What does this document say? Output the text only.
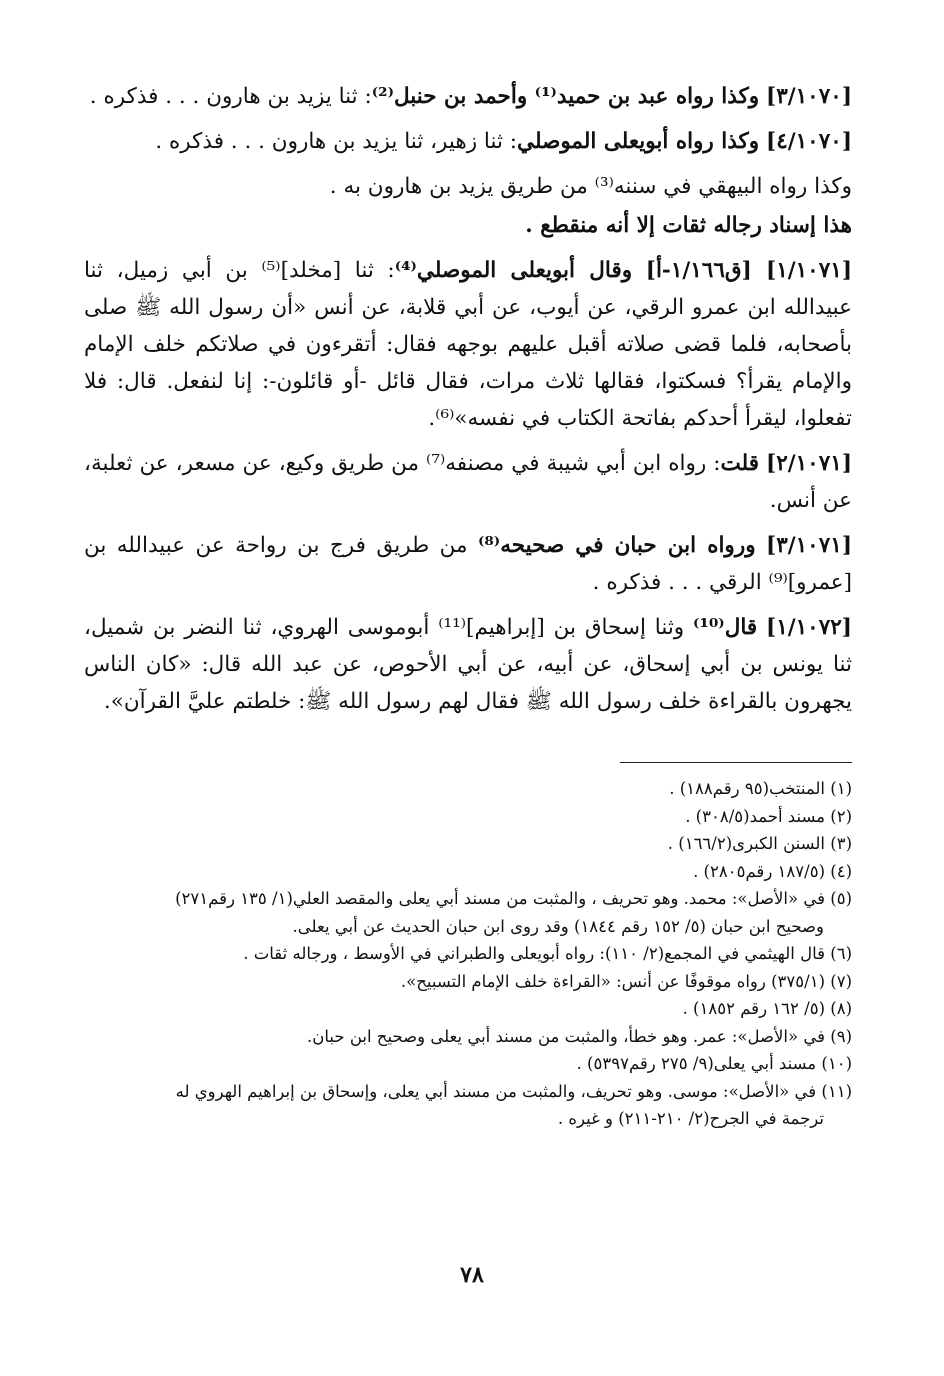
[٣/١٠٧٠] وكذا رواه عبد بن حميد⁽¹⁾ وأحمد بن حنبل⁽²⁾: ثنا يزيد بن هارون . . . فذكره .

[٤/١٠٧٠] وكذا رواه أبويعلى الموصلي: ثنا زهير، ثنا يزيد بن هارون . . . فذكره .

وكذا رواه البيهقي في سننه⁽³⁾ من طريق يزيد بن هارون به .

هذا إسناد رجاله ثقات إلا أنه منقطع .

[١/١٠٧١] [ق١/١٦٦-أ] وقال أبويعلى الموصلي⁽⁴⁾: ثنا [مخلد]⁽⁵⁾ بن أبي زميل، ثنا عبيدالله ابن عمرو الرقي، عن أيوب، عن أبي قلابة، عن أنس «أن رسول الله ﷺ صلى بأصحابه، فلما قضى صلاته أقبل عليهم بوجهه فقال: أتقرءون في صلاتكم خلف الإمام والإمام يقرأ؟ فسكتوا، فقالها ثلاث مرات، فقال قائل -أو قائلون-: إنا لنفعل. قال: فلا تفعلوا، ليقرأ أحدكم بفاتحة الكتاب في نفسه»⁽⁶⁾.

[٢/١٠٧١] قلت: رواه ابن أبي شيبة في مصنفه⁽⁷⁾ من طريق وكيع، عن مسعر، عن ثعلبة، عن أنس.

[٣/١٠٧١] ورواه ابن حبان في صحيحه⁽⁸⁾ من طريق فرج بن رواحة عن عبيدالله بن [عمرو]⁽⁹⁾ الرقي . . . فذكره .

[١/١٠٧٢] قال⁽¹⁰⁾ وثنا إسحاق بن [إبراهيم]⁽¹¹⁾ أبوموسى الهروي، ثنا النضر بن شميل، ثنا يونس بن أبي إسحاق، عن أبيه، عن أبي الأحوص، عن عبد الله قال: «كان الناس يجهرون بالقراءة خلف رسول الله ﷺ فقال لهم رسول الله ﷺ: خلطتم عليَّ القرآن».

(١) المنتخب(٩٥ رقم١٨٨) .

(٢) مسند أحمد(٣٠٨/٥) .

(٣) السنن الكبرى(١٦٦/٢) .

(٤) (١٨٧/٥ رقم٢٨٠٥) .

(٥) في «الأصل»: محمد. وهو تحريف ، والمثبت من مسند أبي يعلى والمقصد العلي(١/ ١٣٥ رقم٢٧١)
وصحيح ابن حبان (٥/ ١٥٢ رقم ١٨٤٤) وقد روى ابن حبان الحديث عن أبي يعلى.

(٦) قال الهيثمي في المجمع(٢/ ١١٠): رواه أبويعلى والطبراني في الأوسط ، ورجاله ثقات .

(٧) (٣٧٥/١) رواه موقوفًا عن أنس: «القراءة خلف الإمام التسبيح».

(٨) (٥/ ١٦٢ رقم ١٨٥٢) .

(٩) في «الأصل»: عمر. وهو خطأ، والمثبت من مسند أبي يعلى وصحيح ابن حبان.

(١٠) مسند أبي يعلى(٩/ ٢٧٥ رقم٥٣٩٧) .

(١١) في «الأصل»: موسى. وهو تحريف، والمثبت من مسند أبي يعلى، وإسحاق بن إبراهيم الهروي له
ترجمة في الجرح(٢/ ٢١٠-٢١١) و غيره .

٧٨
